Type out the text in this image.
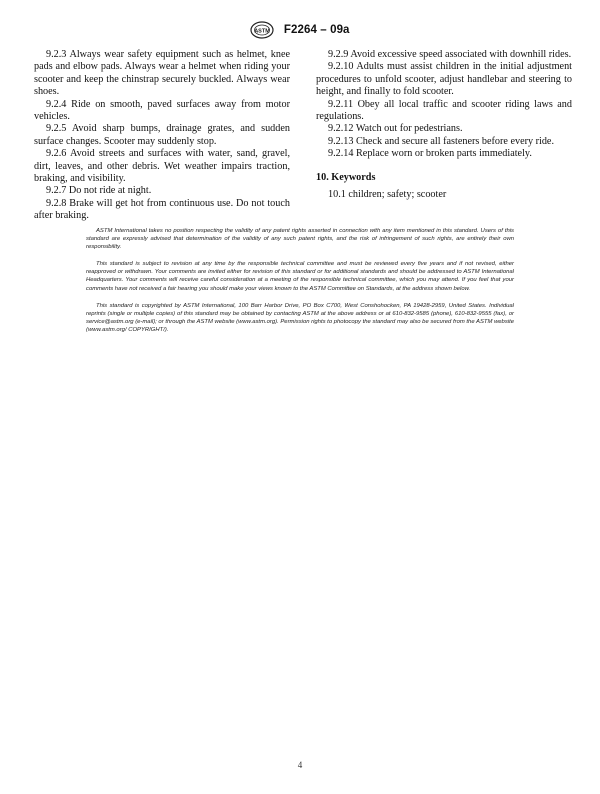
ASTM F2264 – 09a

9.2.3 Always wear safety equipment such as helmet, knee pads and elbow pads. Always wear a helmet when riding your scooter and keep the chinstrap securely buckled. Always wear shoes.

9.2.4 Ride on smooth, paved surfaces away from motor vehicles.

9.2.5 Avoid sharp bumps, drainage grates, and sudden surface changes. Scooter may suddenly stop.

9.2.6 Avoid streets and surfaces with water, sand, gravel, dirt, leaves, and other debris. Wet weather impairs traction, braking, and visibility.

9.2.7 Do not ride at night.

9.2.8 Brake will get hot from continuous use. Do not touch after braking.

9.2.9 Avoid excessive speed associated with downhill rides.

9.2.10 Adults must assist children in the initial adjustment procedures to unfold scooter, adjust handlebar and steering to height, and finally to fold scooter.

9.2.11 Obey all local traffic and scooter riding laws and regulations.

9.2.12 Watch out for pedestrians.

9.2.13 Check and secure all fasteners before every ride.

9.2.14 Replace worn or broken parts immediately.

10. Keywords

10.1 children; safety; scooter

ASTM International takes no position respecting the validity of any patent rights asserted in connection with any item mentioned in this standard. Users of this standard are expressly advised that determination of the validity of any such patent rights, and the risk of infringement of such rights, are entirely their own responsibility.

This standard is subject to revision at any time by the responsible technical committee and must be reviewed every five years and if not revised, either reapproved or withdrawn. Your comments are invited either for revision of this standard or for additional standards and should be addressed to ASTM International Headquarters. Your comments will receive careful consideration at a meeting of the responsible technical committee, which you may attend. If you feel that your comments have not received a fair hearing you should make your views known to the ASTM Committee on Standards, at the address shown below.

This standard is copyrighted by ASTM International, 100 Barr Harbor Drive, PO Box C700, West Conshohocken, PA 19428-2959, United States. Individual reprints (single or multiple copies) of this standard may be obtained by contacting ASTM at the above address or at 610-832-9585 (phone), 610-832-9555 (fax), or service@astm.org (e-mail); or through the ASTM website (www.astm.org). Permission rights to photocopy the standard may also be secured from the ASTM website (www.astm.org/ COPYRIGHT/).

4
